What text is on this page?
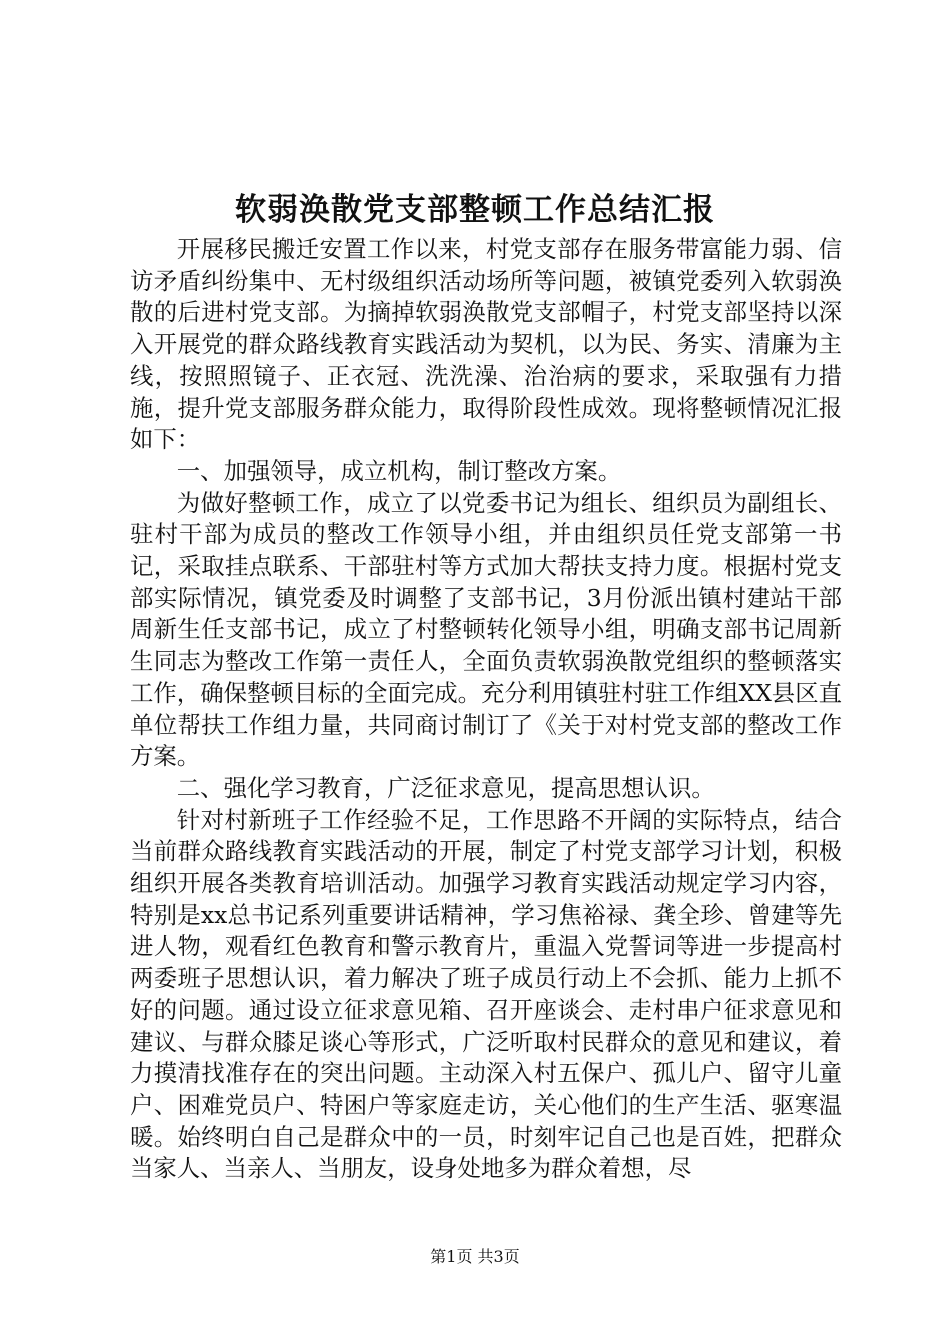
软弱涣散党支部整顿工作总结汇报

开展移民搬迁安置工作以来，村党支部存在服务带富能力弱、信访矛盾纠纷集中、无村级组织活动场所等问题，被镇党委列入软弱涣散的后进村党支部。为摘掉软弱涣散党支部帽子，村党支部坚持以深入开展党的群众路线教育实践活动为契机，以为民、务实、清廉为主线，按照照镜子、正衣冠、洗洗澡、治治病的要求，采取强有力措施，提升党支部服务群众能力，取得阶段性成效。现将整顿情况汇报如下：

一、加强领导，成立机构，制订整改方案。

为做好整顿工作，成立了以党委书记为组长、组织员为副组长、驻村干部为成员的整改工作领导小组，并由组织员任党支部第一书记，采取挂点联系、干部驻村等方式加大帮扶支持力度。根据村党支部实际情况，镇党委及时调整了支部书记，3月份派出镇村建站干部周新生任支部书记，成立了村整顿转化领导小组，明确支部书记周新生同志为整改工作第一责任人，全面负责软弱涣散党组织的整顿落实工作，确保整顿目标的全面完成。充分利用镇驻村驻工作组XX县区直单位帮扶工作组力量，共同商讨制订了《关于对村党支部的整改工作方案。

二、强化学习教育，广泛征求意见，提高思想认识。

针对村新班子工作经验不足，工作思路不开阔的实际特点，结合当前群众路线教育实践活动的开展，制定了村党支部学习计划，积极组织开展各类教育培训活动。加强学习教育实践活动规定学习内容，特别是xx总书记系列重要讲话精神，学习焦裕禄、龚全珍、曾建等先进人物，观看红色教育和警示教育片，重温入党誓词等进一步提高村两委班子思想认识，着力解决了班子成员行动上不会抓、能力上抓不好的问题。通过设立征求意见箱、召开座谈会、走村串户征求意见和建议、与群众膝足谈心等形式，广泛听取村民群众的意见和建议，着力摸清找准存在的突出问题。主动深入村五保户、孤儿户、留守儿童户、困难党员户、特困户等家庭走访，关心他们的生产生活、驱寒温暖。始终明白自己是群众中的一员，时刻牢记自己也是百姓，把群众当家人、当亲人、当朋友，设身处地多为群众着想，尽

第1页 共3页
